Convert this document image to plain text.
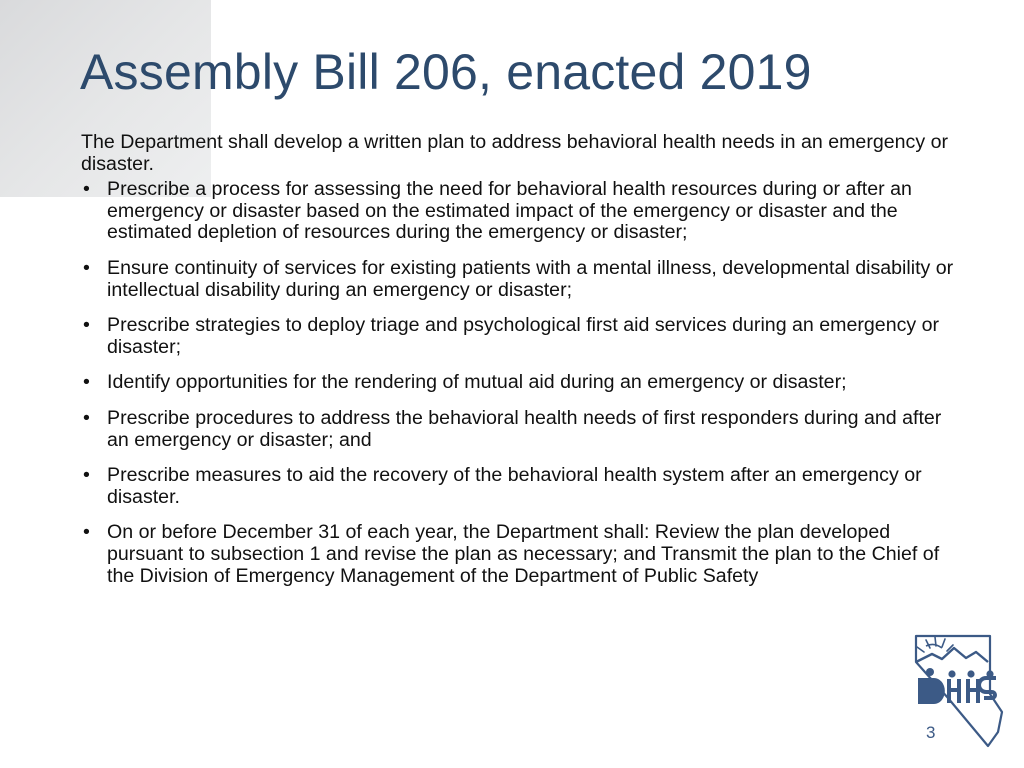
Assembly Bill 206, enacted 2019

The Department shall develop a written plan to address behavioral health needs in an emergency or disaster.

• Prescribe a process for assessing the need for behavioral health resources during or after an emergency or disaster based on the estimated impact of the emergency or disaster and the estimated depletion of resources during the emergency or disaster;
• Ensure continuity of services for existing patients with a mental illness, developmental disability or intellectual disability during an emergency or disaster;
• Prescribe strategies to deploy triage and psychological first aid services during an emergency or disaster;
• Identify opportunities for the rendering of mutual aid during an emergency or disaster;
• Prescribe procedures to address the behavioral health needs of first responders during and after an emergency or disaster; and
• Prescribe measures to aid the recovery of the behavioral health system after an emergency or disaster.
• On or before December 31 of each year, the Department shall: Review the plan developed pursuant to subsection 1 and revise the plan as necessary; and Transmit the plan to the Chief of the Division of Emergency Management of the Department of Public Safety
3
